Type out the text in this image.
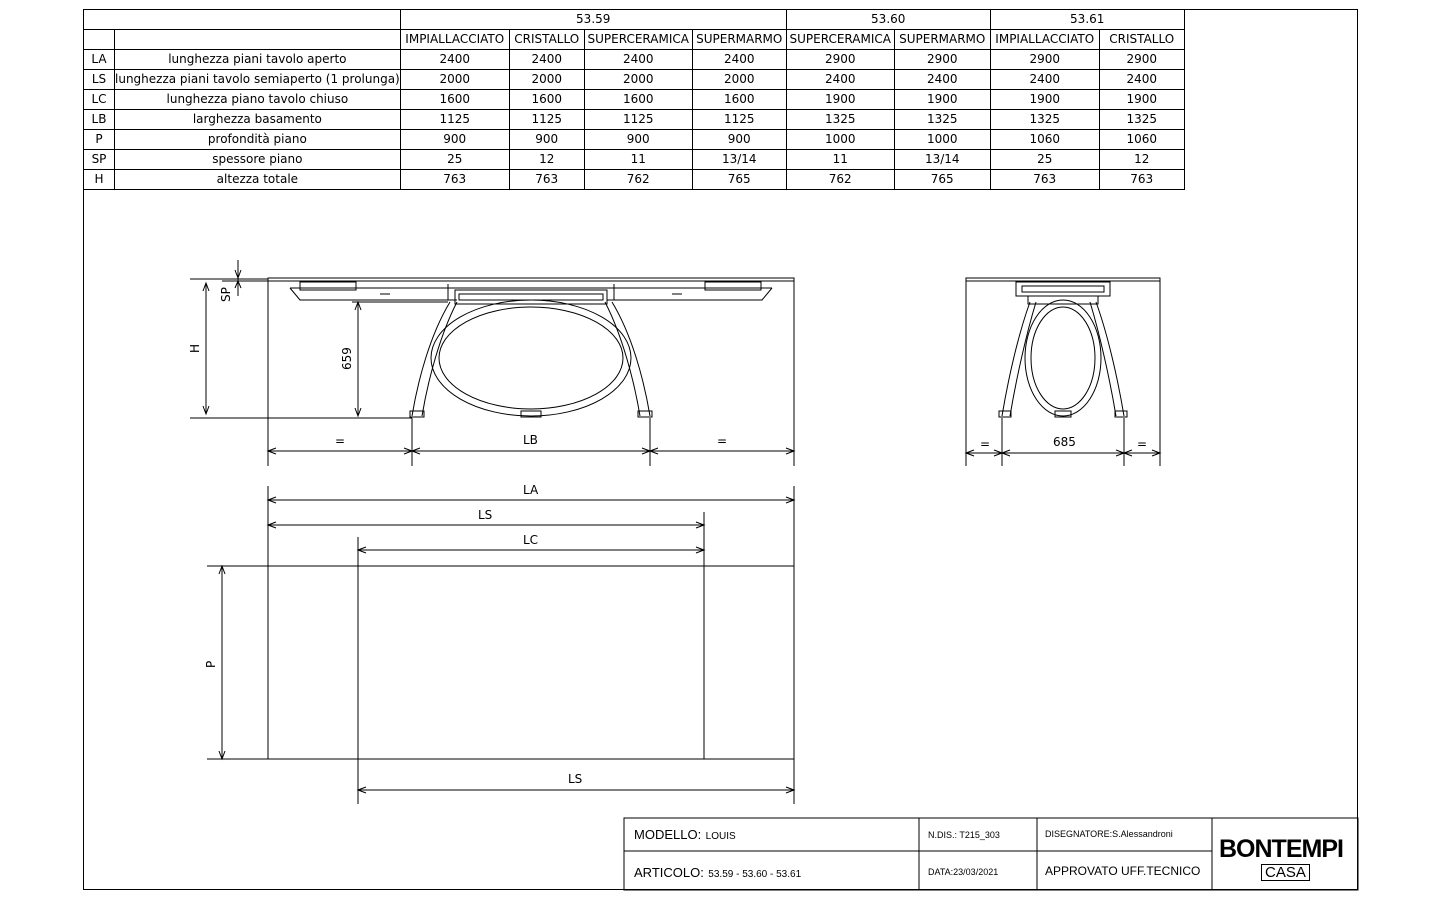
		53.59				53.60		53.61	
		IMPIALLACCIATO	CRISTALLO	SUPERCERAMICA	SUPERMARMO	SUPERCERAMICA	SUPERMARMO	IMPIALLACCIATO	CRISTALLO
LA	lunghezza piani tavolo aperto	2400	2400	2400	2400	2900	2900	2900	2900
LS	lunghezza piani tavolo semiaperto (1 prolunga)	2000	2000	2000	2000	2400	2400	2400	2400
LC	lunghezza piano tavolo chiuso	1600	1600	1600	1600	1900	1900	1900	1900
LB	larghezza basamento	1125	1125	1125	1125	1325	1325	1325	1325
P	profondità piano	900	900	900	900	1000	1000	1060	1060
SP	spessore piano	25	12	11	13/14	11	13/14	25	12
H	altezza totale	763	763	762	765	762	765	763	763
SP
H	659
=	LB	=	=	685	=
LA
LS
LC
P
LS
MODELLO: LOUIS
ARTICOLO: 53.59 - 53.60 - 53.61
N.DIS.: T215_303
DATA:23/03/2021
DISEGNATORE:S.Alessandroni
APPROVATO UFF.TECNICO
BONTEMPI
CASA
